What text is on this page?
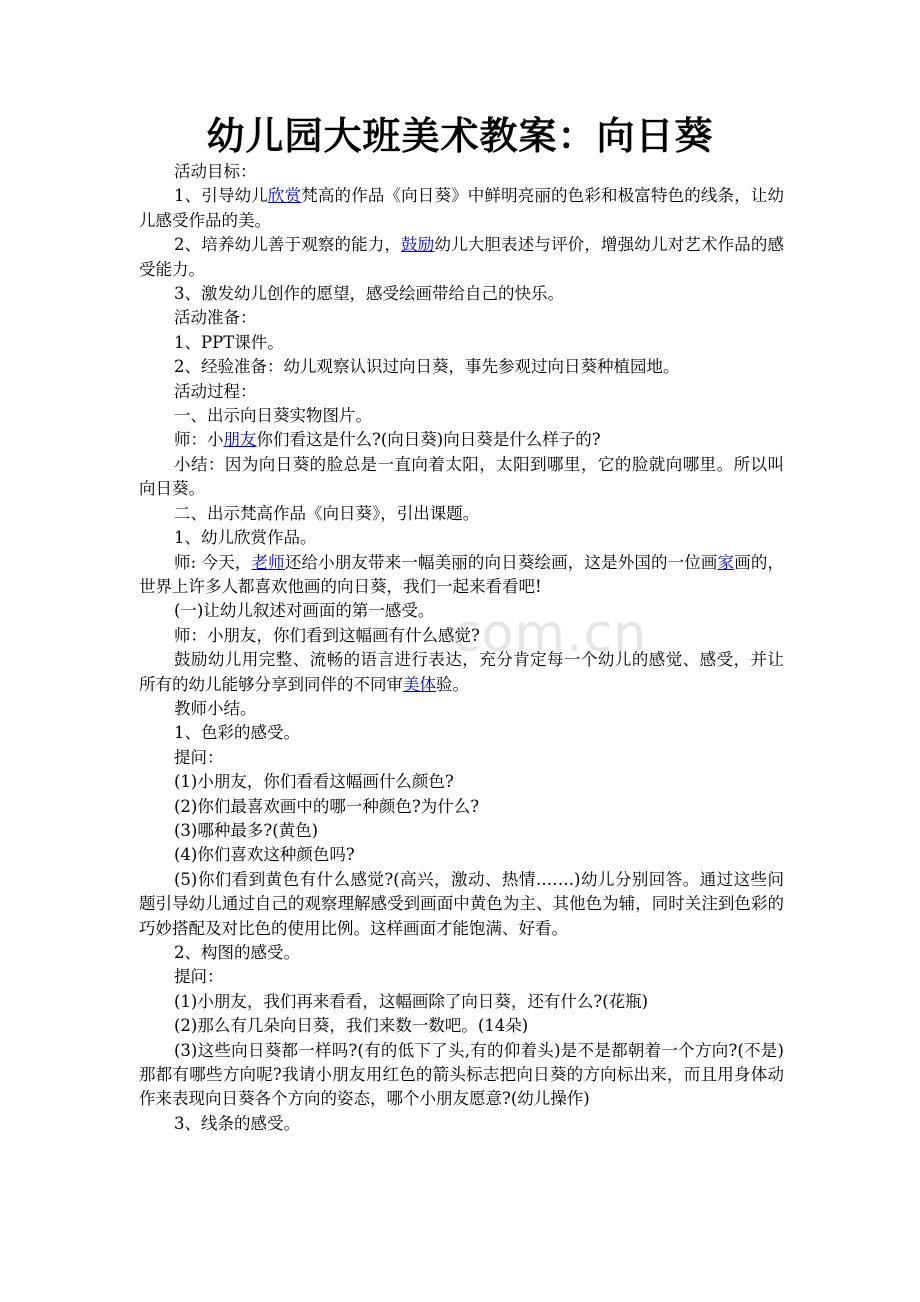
com.cn
幼儿园大班美术教案：向日葵

活动目标：

1、引导幼儿欣赏梵高的作品《向日葵》中鲜明亮丽的色彩和极富特色的线条，让幼儿感受作品的美。

2、培养幼儿善于观察的能力，鼓励幼儿大胆表述与评价，增强幼儿对艺术作品的感受能力。

3、激发幼儿创作的愿望，感受绘画带给自己的快乐。

活动准备：

1、PPT课件。

2、经验准备：幼儿观察认识过向日葵，事先参观过向日葵种植园地。

活动过程：

一、出示向日葵实物图片。

师：小朋友你们看这是什么?(向日葵)向日葵是什么样子的?

小结：因为向日葵的脸总是一直向着太阳，太阳到哪里，它的脸就向哪里。所以叫向日葵。

二、出示梵高作品《向日葵》，引出课题。

1、幼儿欣赏作品。

师: 今天，老师还给小朋友带来一幅美丽的向日葵绘画，这是外国的一位画家画的，世界上许多人都喜欢他画的向日葵，我们一起来看看吧!

(一)让幼儿叙述对画面的第一感受。

师：小朋友，你们看到这幅画有什么感觉?

鼓励幼儿用完整、流畅的语言进行表达，充分肯定每一个幼儿的感觉、感受，并让所有的幼儿能够分享到同伴的不同审美体验。

教师小结。

1、色彩的感受。

提问：

(1)小朋友，你们看看这幅画什么颜色?

(2)你们最喜欢画中的哪一种颜色?为什么?

(3)哪种最多?(黄色)

(4)你们喜欢这种颜色吗?

(5)你们看到黄色有什么感觉?(高兴，激动、热情…….)幼儿分别回答。通过这些问题引导幼儿通过自己的观察理解感受到画面中黄色为主、其他色为辅，同时关注到色彩的巧妙搭配及对比色的使用比例。这样画面才能饱满、好看。

2、构图的感受。

提问：

(1)小朋友，我们再来看看，这幅画除了向日葵，还有什么?(花瓶)

(2)那么有几朵向日葵，我们来数一数吧。(14朵)

(3)这些向日葵都一样吗?(有的低下了头,有的仰着头)是不是都朝着一个方向?(不是)那都有哪些方向呢?我请小朋友用红色的箭头标志把向日葵的方向标出来，而且用身体动作来表现向日葵各个方向的姿态，哪个小朋友愿意?(幼儿操作)

3、线条的感受。
